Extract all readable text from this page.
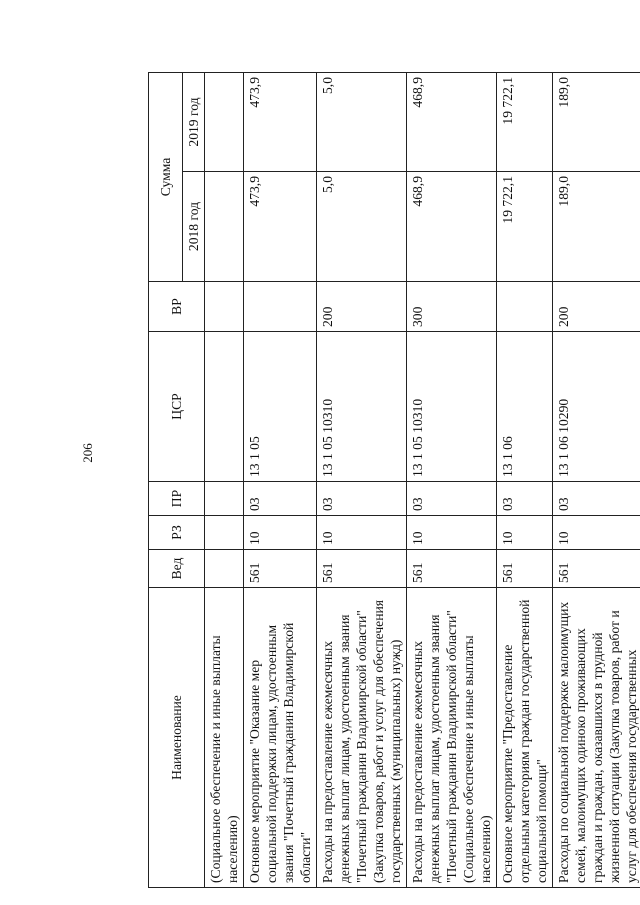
206
Наименование	Вед	РЗ	ПР	ЦСР	ВР	Сумма	
						2018 год	2019 год
(Социальное обеспечение и иные выплаты населению)							
Основное мероприятие "Оказание мер социальной поддержки лицам, удостоенным звания "Почетный гражданин Владимирской области"	561	10	03	13 1 05		473,9	473,9
Расходы на предоставление ежемесячных денежных выплат лицам, удостоенным звания "Почетный гражданин Владимирской области" (Закупка товаров, работ и услуг для обеспечения государственных (муниципальных) нужд)	561	10	03	13 1 05 10310	200	5,0	5,0
Расходы на предоставление ежемесячных денежных выплат лицам, удостоенным звания "Почетный гражданин Владимирской области" (Социальное обеспечение и иные выплаты населению)	561	10	03	13 1 05 10310	300	468,9	468,9
Основное мероприятие "Предоставление отдельным категориям граждан государственной социальной помощи"	561	10	03	13 1 06		19 722,1	19 722,1
Расходы по социальной поддержке малоимущих семей, малоимущих одиноко проживающих граждан и граждан, оказавшихся в трудной жизненной ситуации (Закупка товаров, работ и услуг для обеспечения государственных	561	10	03	13 1 06 10290	200	189,0	189,0
